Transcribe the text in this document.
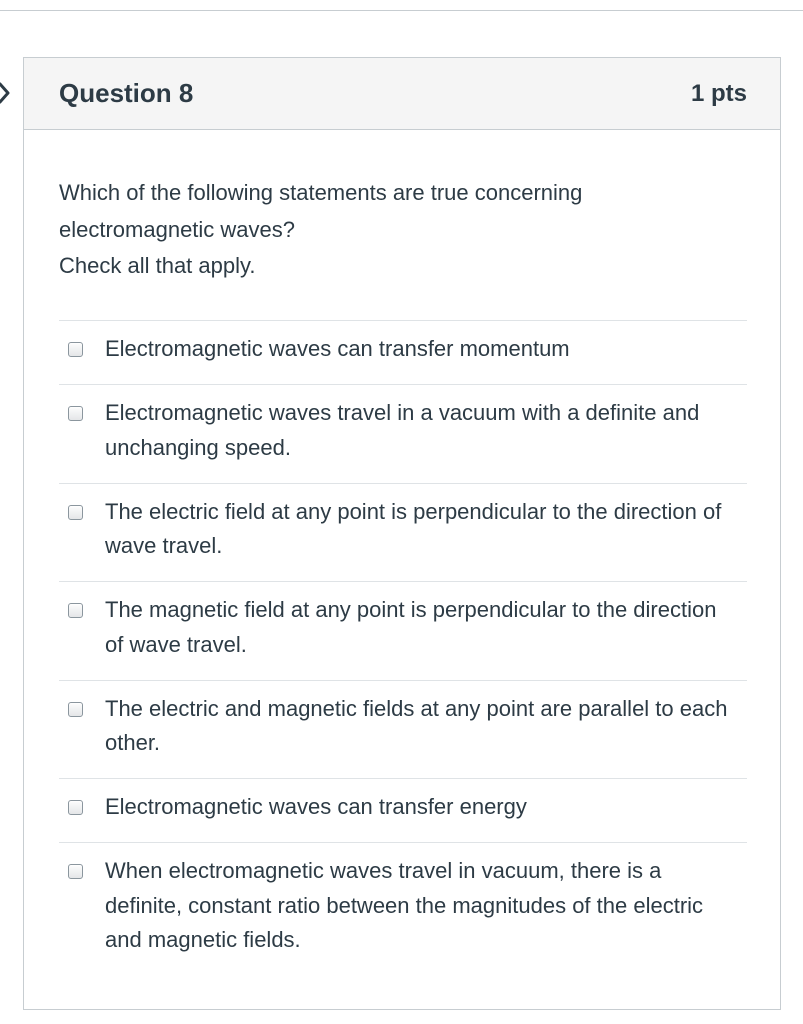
Question 8	1 pts
Which of the following statements are true concerning
electromagnetic waves?
Check all that apply.
Electromagnetic waves can transfer momentum
Electromagnetic waves travel in a vacuum with a definite and unchanging speed.
The electric field at any point is perpendicular to the direction of wave travel.
The magnetic field at any point is perpendicular to the direction of wave travel.
The electric and magnetic fields at any point are parallel to each other.
Electromagnetic waves can transfer energy
When electromagnetic waves travel in vacuum, there is a definite, constant ratio between the magnitudes of the electric and magnetic fields.
